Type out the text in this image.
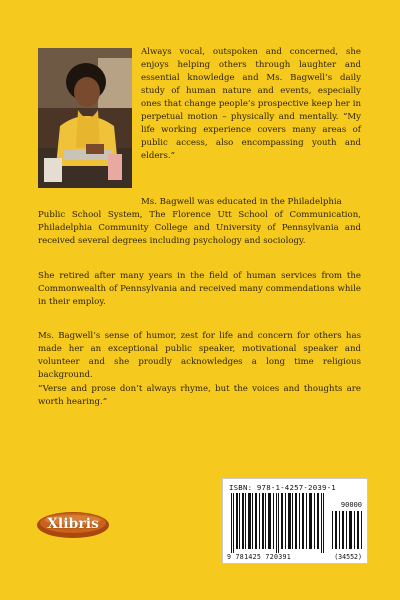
Always vocal, outspoken and concerned, she enjoys helping others through laughter and essential knowledge and Ms. Bagwell’s daily study of human nature and events, especially ones that change people’s prospective keep her in perpetual motion – physically and mentally. “My life working experience covers many areas of public access, also encompassing youth and elders.”

Ms. Bagwell was educated in the Philadelphia

Public School System, The Florence Utt School of Communication, Philadelphia Community College and University of Pennsylvania and received several degrees including psychology and sociology.

She retired after many years in the field of human services from the Commonwealth of Pennsylvania and received many commendations while in their employ.

Ms. Bagwell’s sense of humor, zest for life and concern for others has made her an exceptional public speaker, motivational speaker and volunteer and she proudly acknowledges a long time religious background.

“Verse and prose don’t always rhyme, but the voices and thoughts are worth hearing.”

ISBN: 978-1-4257-2039-1
90000
9 781425 720391	(34552)
Xlibris
